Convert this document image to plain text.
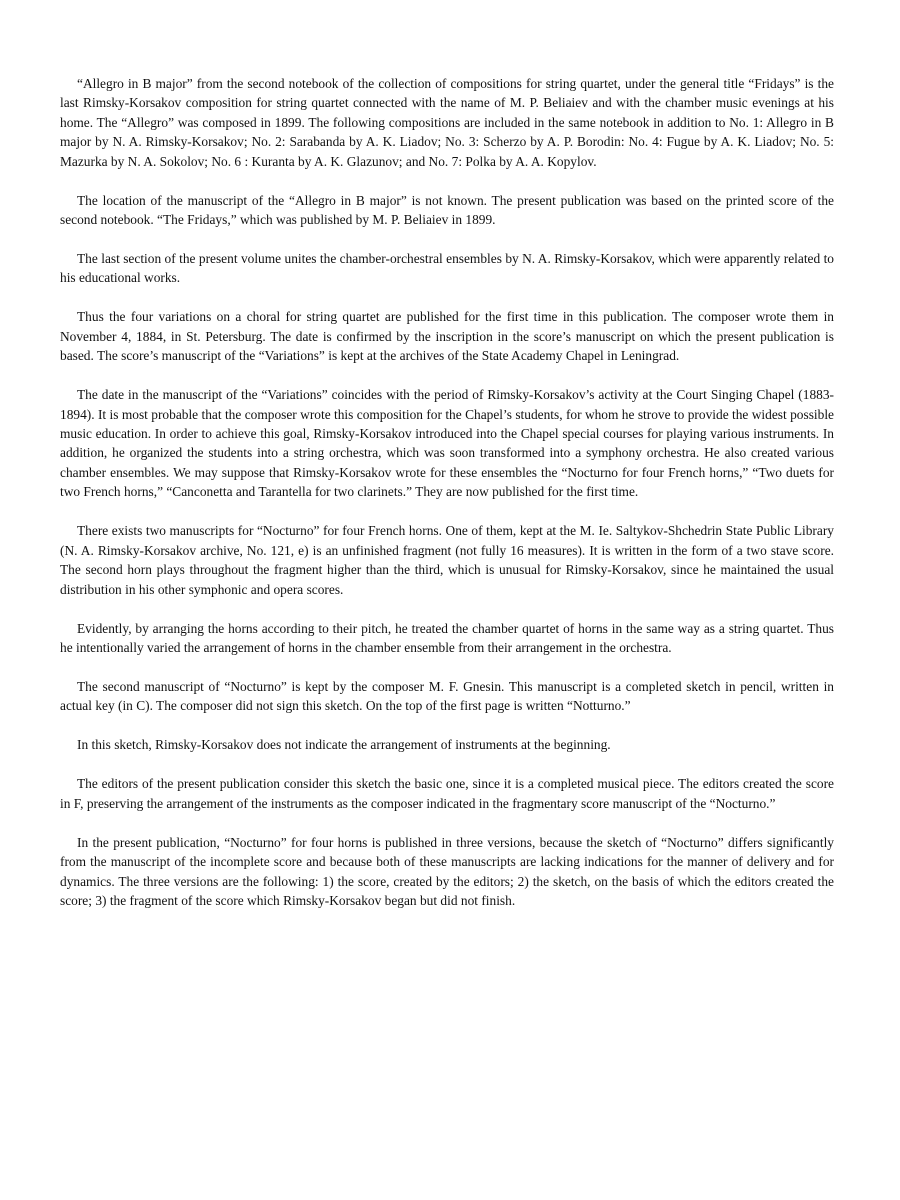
“Allegro in B major” from the second notebook of the collection of compositions for string quartet, under the general title “Fridays” is the last Rimsky-Korsakov composition for string quartet connected with the name of M. P. Beliaiev and with the chamber music evenings at his home. The “Allegro” was composed in 1899. The following compositions are included in the same notebook in addition to No. 1: Allegro in B major by N. A. Rimsky-Korsakov; No. 2: Sarabanda by A. K. Liadov; No. 3: Scherzo by A. P. Borodin: No. 4: Fugue by A. K. Liadov; No. 5: Mazurka by N. A. Sokolov; No. 6 : Kuranta by A. K. Glazunov; and No. 7: Polka by A. A. Kopylov.

The location of the manuscript of the “Allegro in B major” is not known. The present publication was based on the printed score of the second notebook. “The Fridays,” which was published by M. P. Beliaiev in 1899.

The last section of the present volume unites the chamber-orchestral ensembles by N. A. Rimsky-Korsakov, which were apparently related to his educational works.

Thus the four variations on a choral for string quartet are published for the first time in this publication. The composer wrote them in November 4, 1884, in St. Petersburg. The date is confirmed by the inscription in the score’s manuscript on which the present publication is based. The score’s manuscript of the “Variations” is kept at the archives of the State Academy Chapel in Leningrad.

The date in the manuscript of the “Variations” coincides with the period of Rimsky-Korsakov’s activity at the Court Singing Chapel (1883-1894). It is most probable that the composer wrote this composition for the Chapel’s students, for whom he strove to provide the widest possible music education. In order to achieve this goal, Rimsky-Korsakov introduced into the Chapel special courses for playing various instruments. In addition, he organized the students into a string orchestra, which was soon transformed into a symphony orchestra. He also created various chamber ensembles. We may suppose that Rimsky-Korsakov wrote for these ensembles the “Nocturno for four French horns,” “Two duets for two French horns,” “Canconetta and Tarantella for two clarinets.” They are now published for the first time.

There exists two manuscripts for “Nocturno” for four French horns. One of them, kept at the M. Ie. Saltykov-Shchedrin State Public Library (N. A. Rimsky-Korsakov archive, No. 121, e) is an unfinished fragment (not fully 16 measures). It is written in the form of a two stave score. The second horn plays throughout the fragment higher than the third, which is unusual for Rimsky-Korsakov, since he maintained the usual distribution in his other symphonic and opera scores.

Evidently, by arranging the horns according to their pitch, he treated the chamber quartet of horns in the same way as a string quartet. Thus he intentionally varied the arrangement of horns in the chamber ensemble from their arrangement in the orchestra.

The second manuscript of “Nocturno” is kept by the composer M. F. Gnesin. This manuscript is a completed sketch in pencil, written in actual key (in C). The composer did not sign this sketch. On the top of the first page is written “Notturno.”

In this sketch, Rimsky-Korsakov does not indicate the arrangement of instruments at the beginning.

The editors of the present publication consider this sketch the basic one, since it is a completed musical piece. The editors created the score in F, preserving the arrangement of the instruments as the composer indicated in the fragmentary score manuscript of the “Nocturno.”

In the present publication, “Nocturno” for four horns is published in three versions, because the sketch of “Nocturno” differs significantly from the manuscript of the incomplete score and because both of these manuscripts are lacking indications for the manner of delivery and for dynamics. The three versions are the following: 1) the score, created by the editors; 2) the sketch, on the basis of which the editors created the score; 3) the fragment of the score which Rimsky-Korsakov began but did not finish.
